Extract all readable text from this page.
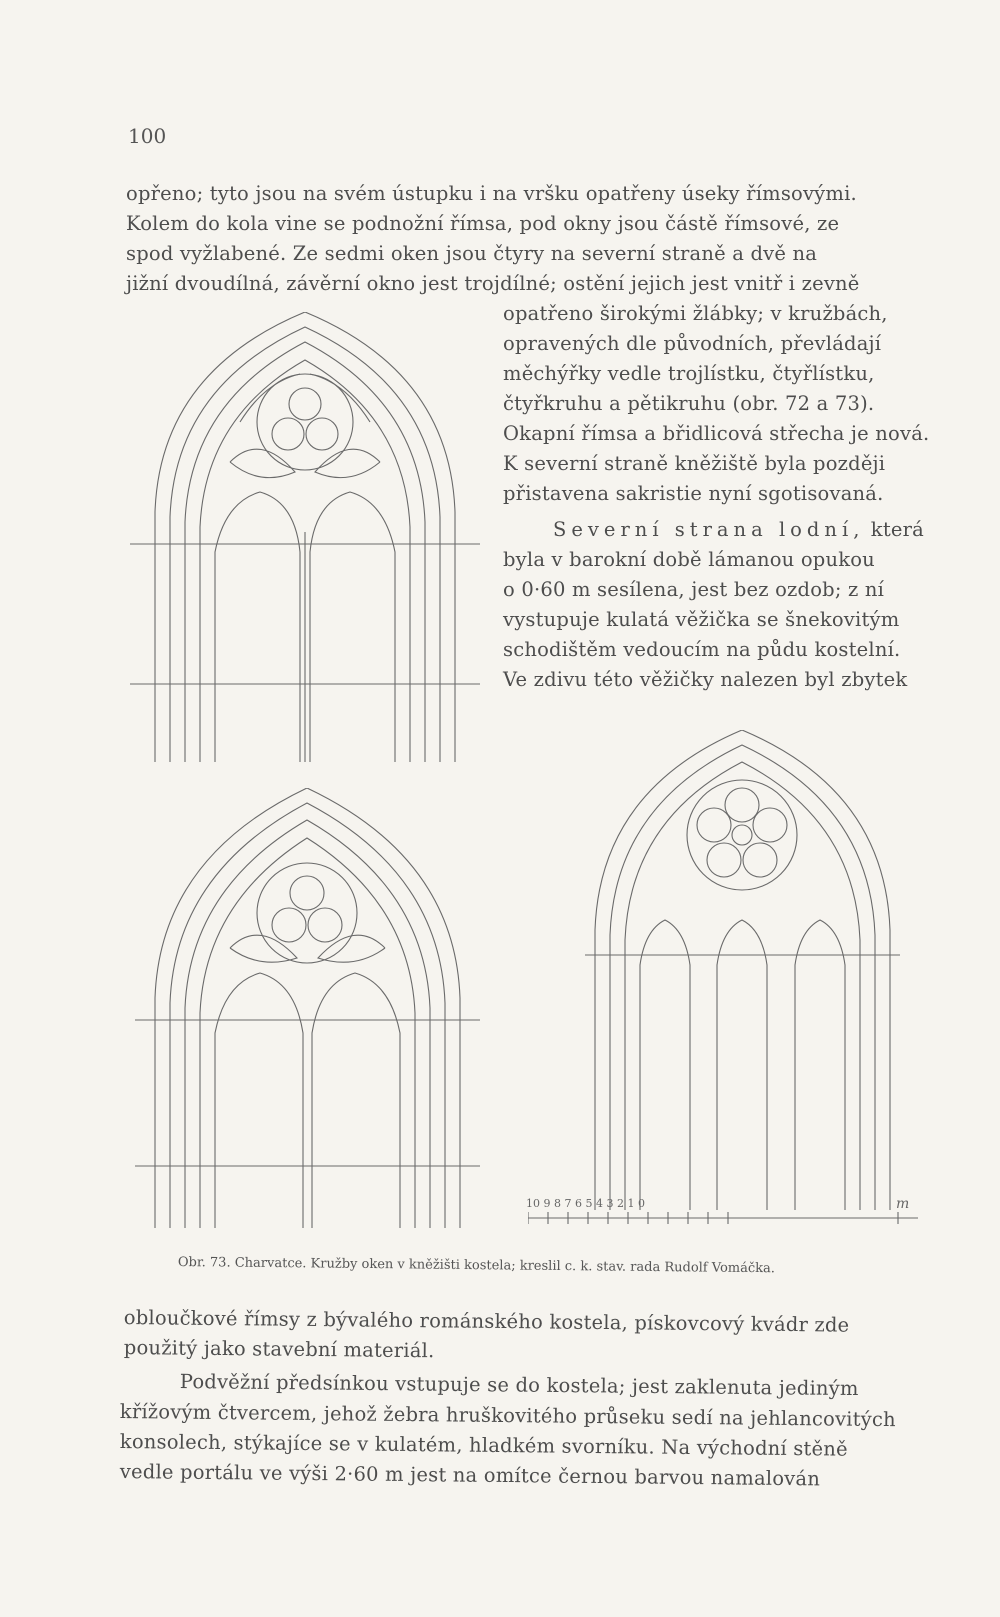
100
opřeno; tyto jsou na svém ústupku i na vršku opatřeny úseky římsovými.
Kolem do kola vine se podnožní římsa, pod okny jsou částě římsové, ze
spod vyžlabené. Ze sedmi oken jsou čtyry na severní straně a dvě na
jižní dvoudílná, závěrní okno jest trojdílné; ostění jejich jest vnitř i zevně
opatřeno širokými žlábky; v kružbách,
opravených dle původních, převládají
měchýřky vedle trojlístku, čtyřlístku,
čtyřkruhu a pětikruhu (obr. 72 a 73).
Okapní římsa a břidlicová střecha je nová.
K severní straně kněžiště byla později
přistavena sakristie nyní sgotisovaná.
Severní strana lodní, která
byla v barokní době lámanou opukou
o 0·60 m sesílena, jest bez ozdob; z ní
vystupuje kulatá věžička se šnekovitým
schodištěm vedoucím na půdu kostelní.
Ve zdivu této věžičky nalezen byl zbytek
10 9 8 7 6 5 4 3 2 1 0	m
Obr. 73. Charvatce. Kružby oken v kněžišti kostela; kreslil c. k. stav. rada Rudolf Vomáčka.
obloučkové římsy z bývalého románského kostela, pískovcový kvádr zde
použitý jako stavební materiál.
Podvěžní předsínkou vstupuje se do kostela; jest zaklenuta jediným
křížovým čtvercem, jehož žebra hruškovitého průseku sedí na jehlancovitých
konsolech, stýkajíce se v kulatém, hladkém svorníku. Na východní stěně
vedle portálu ve výši 2·60 m jest na omítce černou barvou namalován
